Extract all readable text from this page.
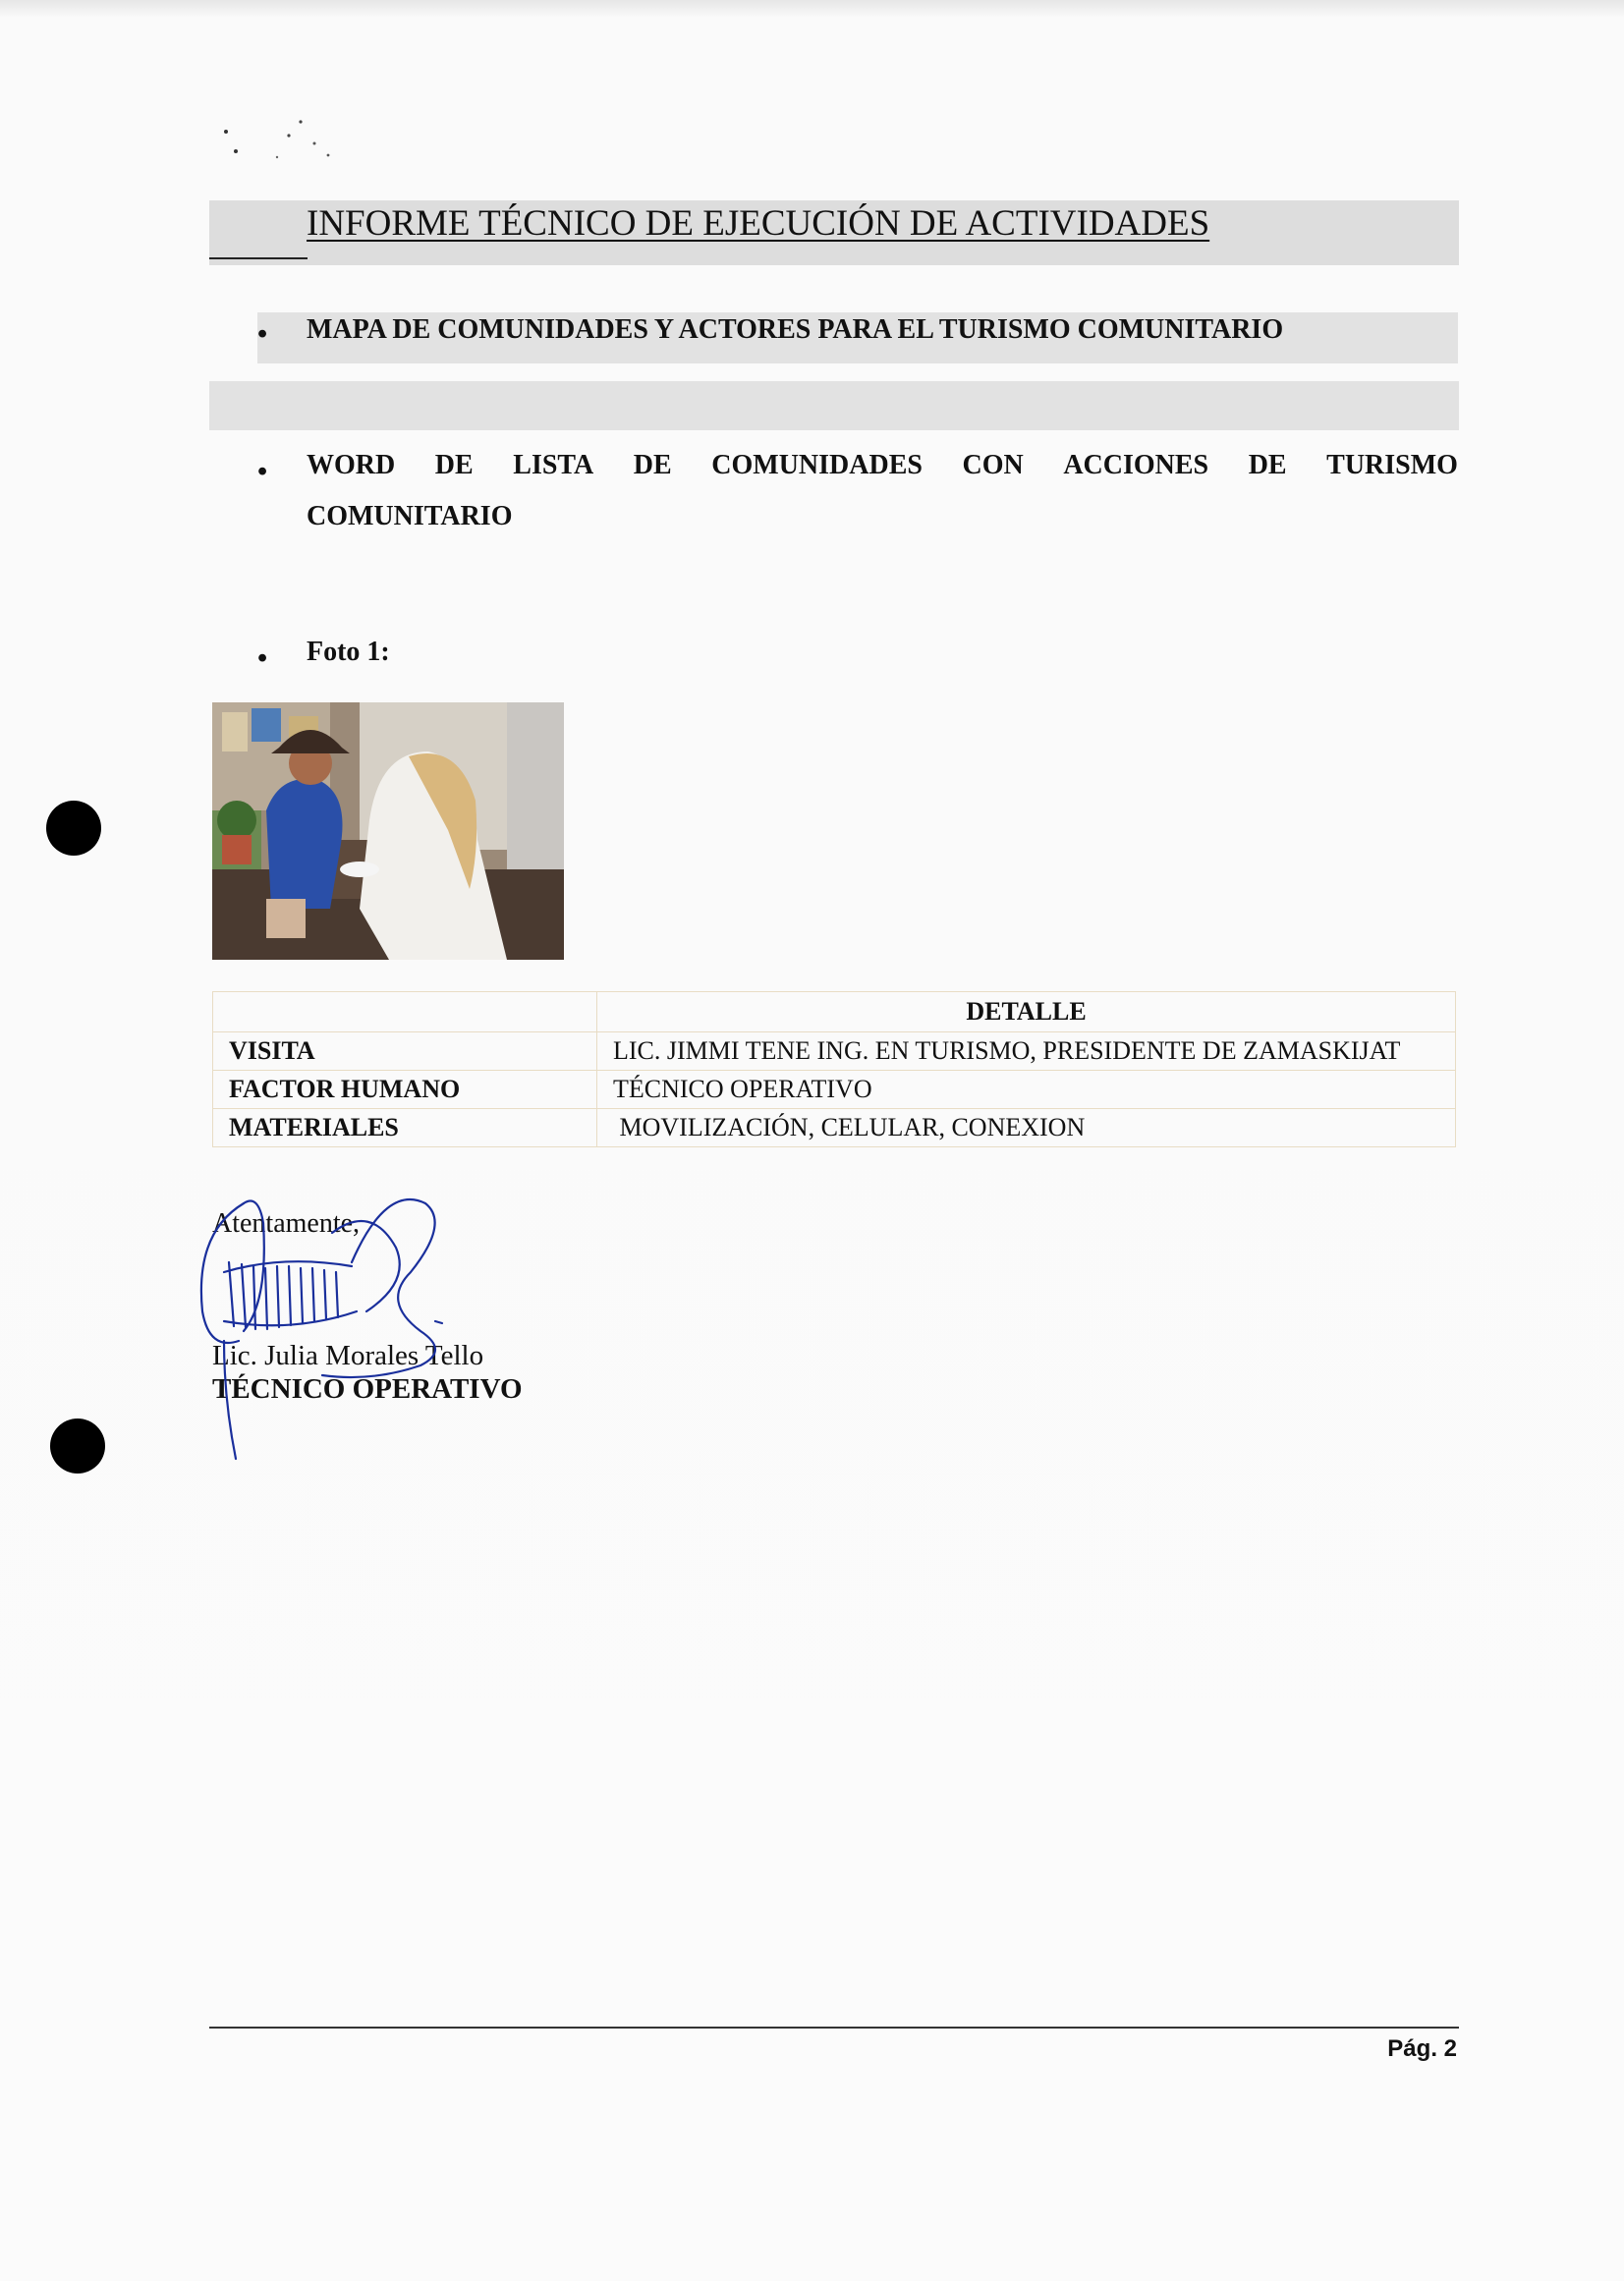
INFORME TÉCNICO DE EJECUCIÓN DE ACTIVIDADES
• MAPA DE COMUNIDADES Y ACTORES PARA EL TURISMO COMUNITARIO
• WORD DE LISTA DE COMUNIDADES CON ACCIONES DE TURISMO
COMUNITARIO
• Foto 1:
	DETALLE
VISITA	LIC. JIMMI TENE ING. EN TURISMO, PRESIDENTE DE ZAMASKIJAT
FACTOR HUMANO	TÉCNICO OPERATIVO
MATERIALES	MOVILIZACIÓN, CELULAR, CONEXION
Atentamente,
Lic. Julia Morales Tello
TÉCNICO OPERATIVO
Pág. 2
